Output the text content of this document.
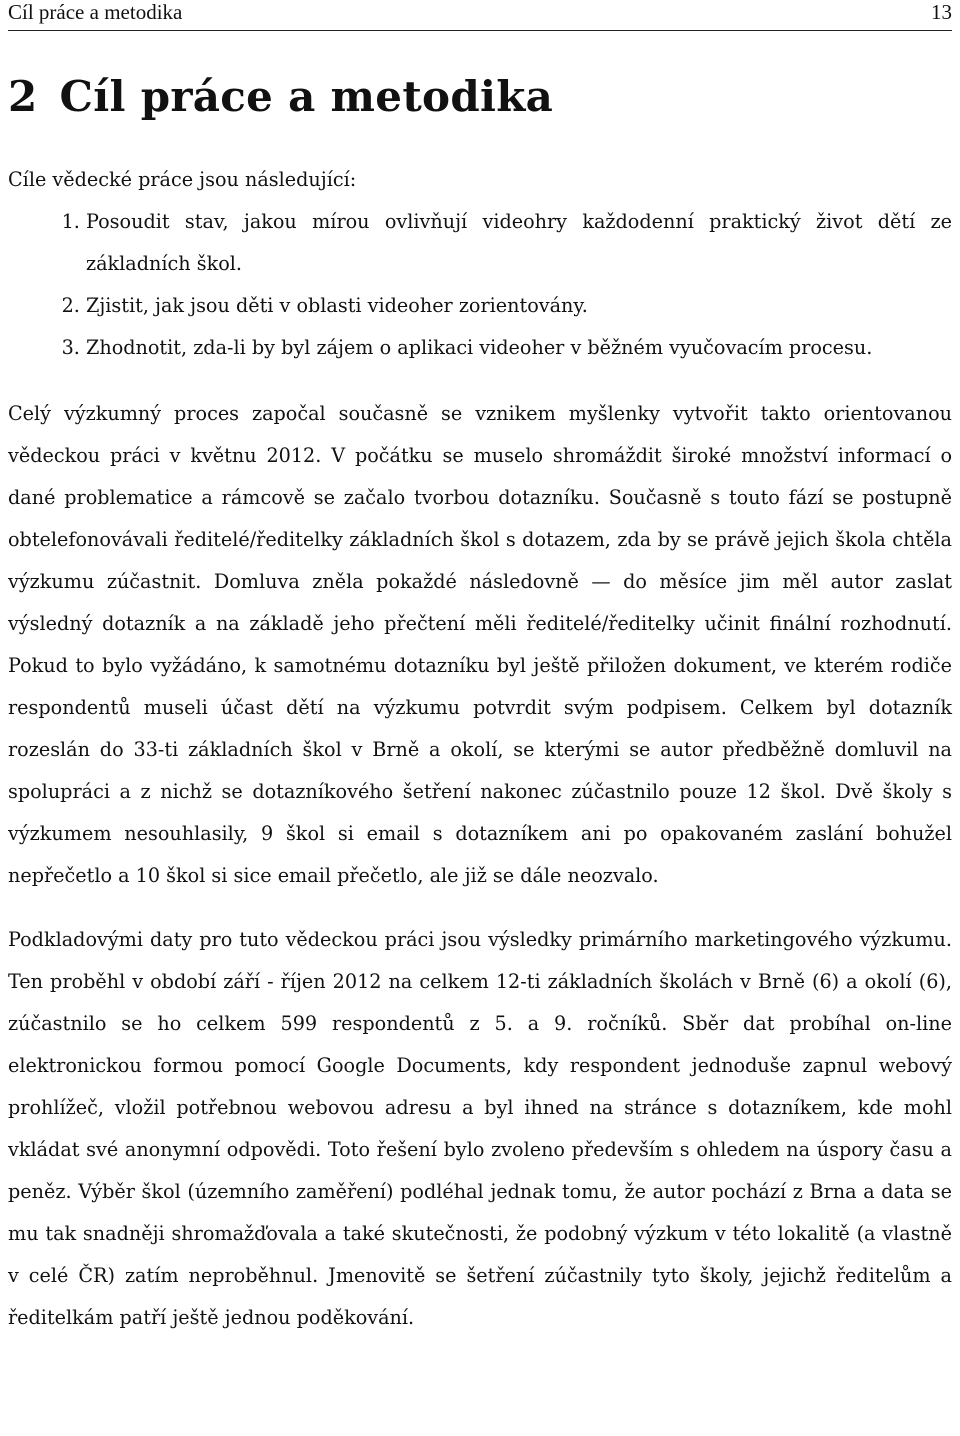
Cíl práce a metodika	13
2 Cíl práce a metodika

Cíle vědecké práce jsou následující:

1. Posoudit stav, jakou mírou ovlivňují videohry každodenní praktický život dětí ze základních škol.
2. Zjistit, jak jsou děti v oblasti videoher zorientovány.
3. Zhodnotit, zda-li by byl zájem o aplikaci videoher v běžném vyučovacím procesu.

Celý výzkumný proces započal současně se vznikem myšlenky vytvořit takto orientovanou vědeckou práci v květnu 2012. V počátku se muselo shromáždit široké množství informací o dané problematice a rámcově se začalo tvorbou dotazníku. Současně s touto fází se postupně obtelefonovávali ředitelé/ředitelky základních škol s dotazem, zda by se právě jejich škola chtěla výzkumu zúčastnit. Domluva zněla pokaždé následovně — do měsíce jim měl autor zaslat výsledný dotazník a na základě jeho přečtení měli ředitelé/ředitelky učinit finální rozhodnutí. Pokud to bylo vyžádáno, k samotnému dotazníku byl ještě přiložen dokument, ve kterém rodiče respondentů museli účast dětí na výzkumu potvrdit svým podpisem. Celkem byl dotazník rozeslán do 33-ti základních škol v Brně a okolí, se kterými se autor předběžně domluvil na spolupráci a z nichž se dotazníkového šetření nakonec zúčastnilo pouze 12 škol. Dvě školy s výzkumem nesouhlasily, 9 škol si email s dotazníkem ani po opakovaném zaslání bohužel nepřečetlo a 10 škol si sice email přečetlo, ale již se dále neozvalo.

Podkladovými daty pro tuto vědeckou práci jsou výsledky primárního marketingového výzkumu. Ten proběhl v období září - říjen 2012 na celkem 12-ti základních školách v Brně (6) a okolí (6), zúčastnilo se ho celkem 599 respondentů z 5. a 9. ročníků. Sběr dat probíhal on-line elektronickou formou pomocí Google Documents, kdy respondent jednoduše zapnul webový prohlížeč, vložil potřebnou webovou adresu a byl ihned na stránce s dotazníkem, kde mohl vkládat své anonymní odpovědi. Toto řešení bylo zvoleno především s ohledem na úspory času a peněz. Výběr škol (územního zaměření) podléhal jednak tomu, že autor pochází z Brna a data se mu tak snadněji shromažďovala a také skutečnosti, že podobný výzkum v této lokalitě (a vlastně v celé ČR) zatím neproběhnul. Jmenovitě se šetření zúčastnily tyto školy, jejichž ředitelům a ředitelkám patří ještě jednou poděkování.
